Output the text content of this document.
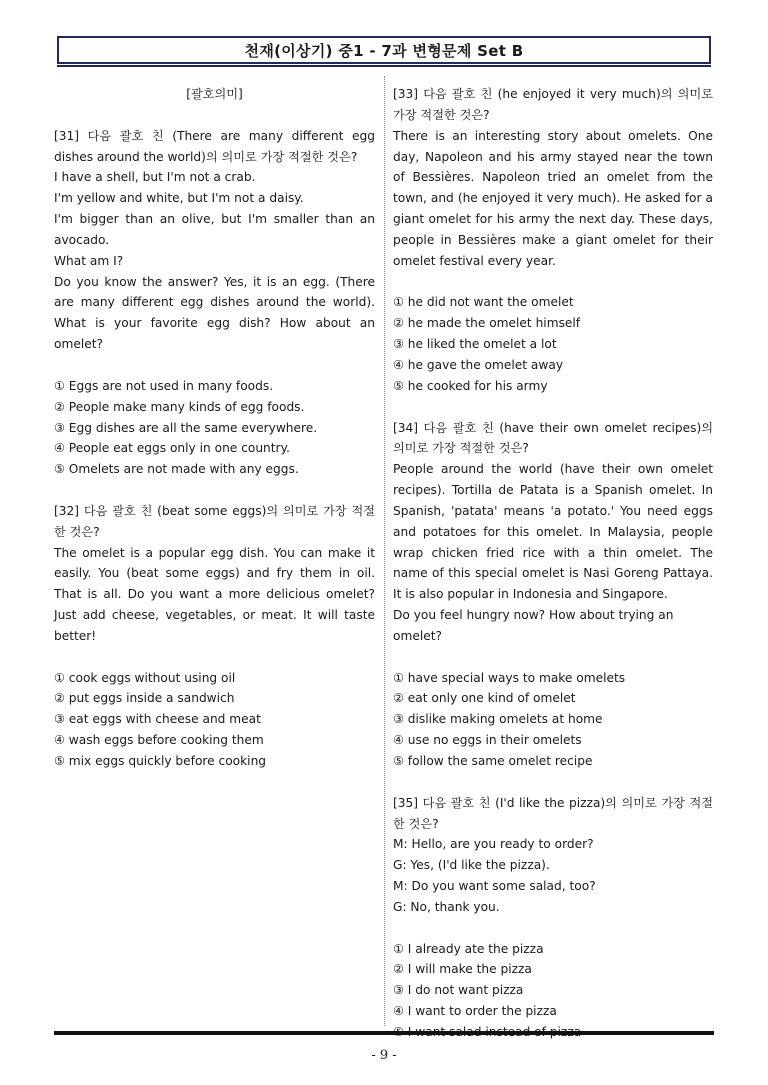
천재(이상기) 중1 - 7과 변형문제 Set B

[괄호의미]

[31] 다음 괄호 친 (There are many different egg dishes around the world)의 의미로 가장 적절한 것은?

I have a shell, but I'm not a crab.

I'm yellow and white, but I'm not a daisy.

I'm bigger than an olive, but I'm smaller than an avocado.

What am I?

Do you know the answer? Yes, it is an egg. (There are many different egg dishes around the world). What is your favorite egg dish? How about an omelet?

① Eggs are not used in many foods.

② People make many kinds of egg foods.

③ Egg dishes are all the same everywhere.

④ People eat eggs only in one country.

⑤ Omelets are not made with any eggs.

[32] 다음 괄호 친 (beat some eggs)의 의미로 가장 적절한 것은?

The omelet is a popular egg dish. You can make it easily. You (beat some eggs) and fry them in oil. That is all. Do you want a more delicious omelet? Just add cheese, vegetables, or meat. It will taste better!

① cook eggs without using oil

② put eggs inside a sandwich

③ eat eggs with cheese and meat

④ wash eggs before cooking them

⑤ mix eggs quickly before cooking

[33] 다음 괄호 친 (he enjoyed it very much)의 의미로 가장 적절한 것은?

There is an interesting story about omelets. One day, Napoleon and his army stayed near the town of Bessières. Napoleon tried an omelet from the town, and (he enjoyed it very much). He asked for a giant omelet for his army the next day. These days, people in Bessières make a giant omelet for their omelet festival every year.

① he did not want the omelet

② he made the omelet himself

③ he liked the omelet a lot

④ he gave the omelet away

⑤ he cooked for his army

[34] 다음 괄호 친 (have their own omelet recipes)의 의미로 가장 적절한 것은?

People around the world (have their own omelet recipes). Tortilla de Patata is a Spanish omelet. In Spanish, 'patata' means 'a potato.' You need eggs and potatoes for this omelet. In Malaysia, people wrap chicken fried rice with a thin omelet. The name of this special omelet is Nasi Goreng Pattaya. It is also popular in Indonesia and Singapore.

Do you feel hungry now? How about trying an omelet?

① have special ways to make omelets

② eat only one kind of omelet

③ dislike making omelets at home

④ use no eggs in their omelets

⑤ follow the same omelet recipe

[35] 다음 괄호 친 (I'd like the pizza)의 의미로 가장 적절한 것은?

M: Hello, are you ready to order?

G: Yes, (I'd like the pizza).

M: Do you want some salad, too?

G: No, thank you.

① I already ate the pizza

② I will make the pizza

③ I do not want pizza

④ I want to order the pizza

- 9 -
